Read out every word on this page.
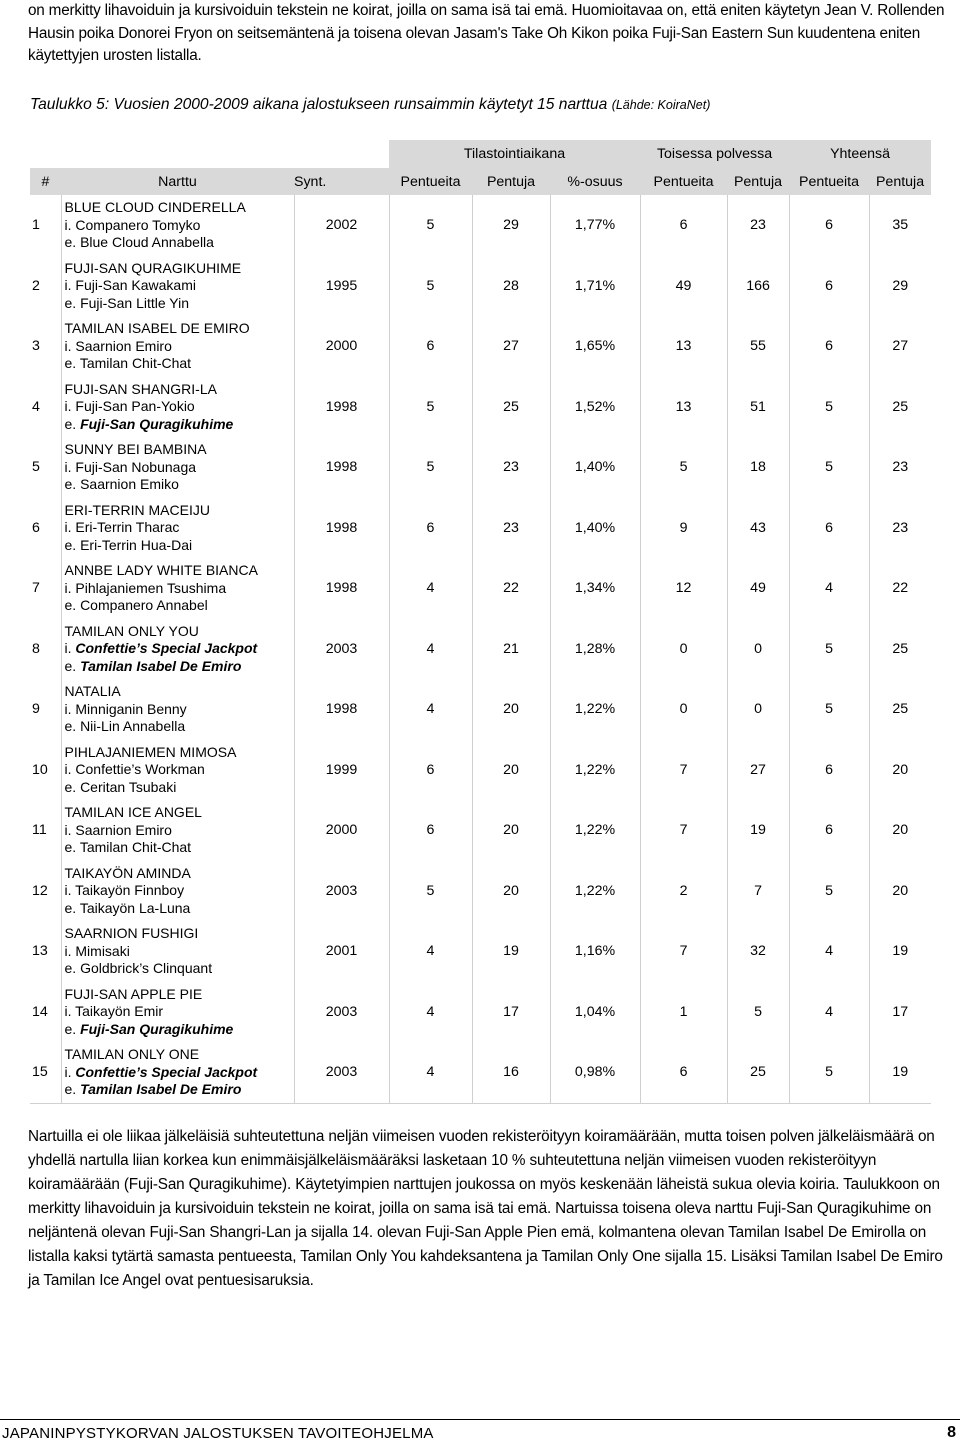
on merkitty lihavoiduin ja kursivoiduin tekstein ne koirat, joilla on sama isä tai emä. Huomioitavaa on, että eniten käytetyn Jean V. Rollenden Hausin poika Donorei Fryon on seitsemäntenä ja toisena olevan Jasam's Take Oh Kikon poika Fuji-San Eastern Sun kuudentena eniten käytettyjen urosten listalla.
Taulukko 5: Vuosien 2000-2009 aikana jalostukseen runsaimmin käytetyt 15 narttua (Lähde: KoiraNet)
			Tilastointiaikana			Toisessa polvessa		Yhteensä	
#	Narttu	Synt.	Pentueita	Pentuja	%-osuus	Pentueita	Pentuja	Pentueita	Pentuja
1	BLUE CLOUD CINDERELLA
i. Companero Tomyko
e. Blue Cloud Annabella	2002	5	29	1,77%	6	23	6	35
2	FUJI-SAN QURAGIKUHIME
i. Fuji-San Kawakami
e. Fuji-San Little Yin	1995	5	28	1,71%	49	166	6	29
3	TAMILAN ISABEL DE EMIRO
i. Saarnion Emiro
e. Tamilan Chit-Chat	2000	6	27	1,65%	13	55	6	27
4	FUJI-SAN SHANGRI-LA
i. Fuji-San Pan-Yokio
e. Fuji-San Quragikuhime	1998	5	25	1,52%	13	51	5	25
5	SUNNY BEI BAMBINA
i. Fuji-San Nobunaga
e. Saarnion Emiko	1998	5	23	1,40%	5	18	5	23
6	ERI-TERRIN MACEIJU
i. Eri-Terrin Tharac
e. Eri-Terrin Hua-Dai	1998	6	23	1,40%	9	43	6	23
7	ANNBE LADY WHITE BIANCA
i. Pihlajaniemen Tsushima
e. Companero Annabel	1998	4	22	1,34%	12	49	4	22
8	TAMILAN ONLY YOU
i. Confettie’s Special Jackpot
e. Tamilan Isabel De Emiro	2003	4	21	1,28%	0	0	5	25
9	NATALIA
i. Minniganin Benny
e. Nii-Lin Annabella	1998	4	20	1,22%	0	0	5	25
10	PIHLAJANIEMEN MIMOSA
i. Confettie’s Workman
e. Ceritan Tsubaki	1999	6	20	1,22%	7	27	6	20
11	TAMILAN ICE ANGEL
i. Saarnion Emiro
e. Tamilan Chit-Chat	2000	6	20	1,22%	7	19	6	20
12	TAIKAYÖN AMINDA
i. Taikayön Finnboy
e. Taikayön La-Luna	2003	5	20	1,22%	2	7	5	20
13	SAARNION FUSHIGI
i. Mimisaki
e. Goldbrick’s Clinquant	2001	4	19	1,16%	7	32	4	19
14	FUJI-SAN APPLE PIE
i. Taikayön Emir
e. Fuji-San Quragikuhime	2003	4	17	1,04%	1	5	4	17
15	TAMILAN ONLY ONE
i. Confettie’s Special Jackpot
e. Tamilan Isabel De Emiro	2003	4	16	0,98%	6	25	5	19
Nartuilla ei ole liikaa jälkeläisiä suhteutettuna neljän viimeisen vuoden rekisteröityyn koiramäärään, mutta toisen polven jälkeläismäärä on yhdellä nartulla liian korkea kun enimmäisjälkeläismääräksi lasketaan 10 % suhteutettuna neljän viimeisen vuoden rekisteröityyn koiramäärään (Fuji-San Quragikuhime). Käytetyimpien narttujen joukossa on myös keskenään läheistä sukua olevia koiria. Taulukkoon on merkitty lihavoiduin ja kursivoiduin tekstein ne koirat, joilla on sama isä tai emä. Nartuissa toisena oleva narttu Fuji-San Quragikuhime on neljäntenä olevan Fuji-San Shangri-Lan ja sijalla 14. olevan Fuji-San Apple Pien emä, kolmantena olevan Tamilan Isabel De Emirolla on listalla kaksi tytärtä samasta pentueesta, Tamilan Only You kahdeksantena ja Tamilan Only One sijalla 15. Lisäksi Tamilan Isabel De Emiro ja Tamilan Ice Angel ovat pentuesisaruksia.
JAPANINPYSTYKORVAN JALOSTUKSEN TAVOITEOHJELMA	8
